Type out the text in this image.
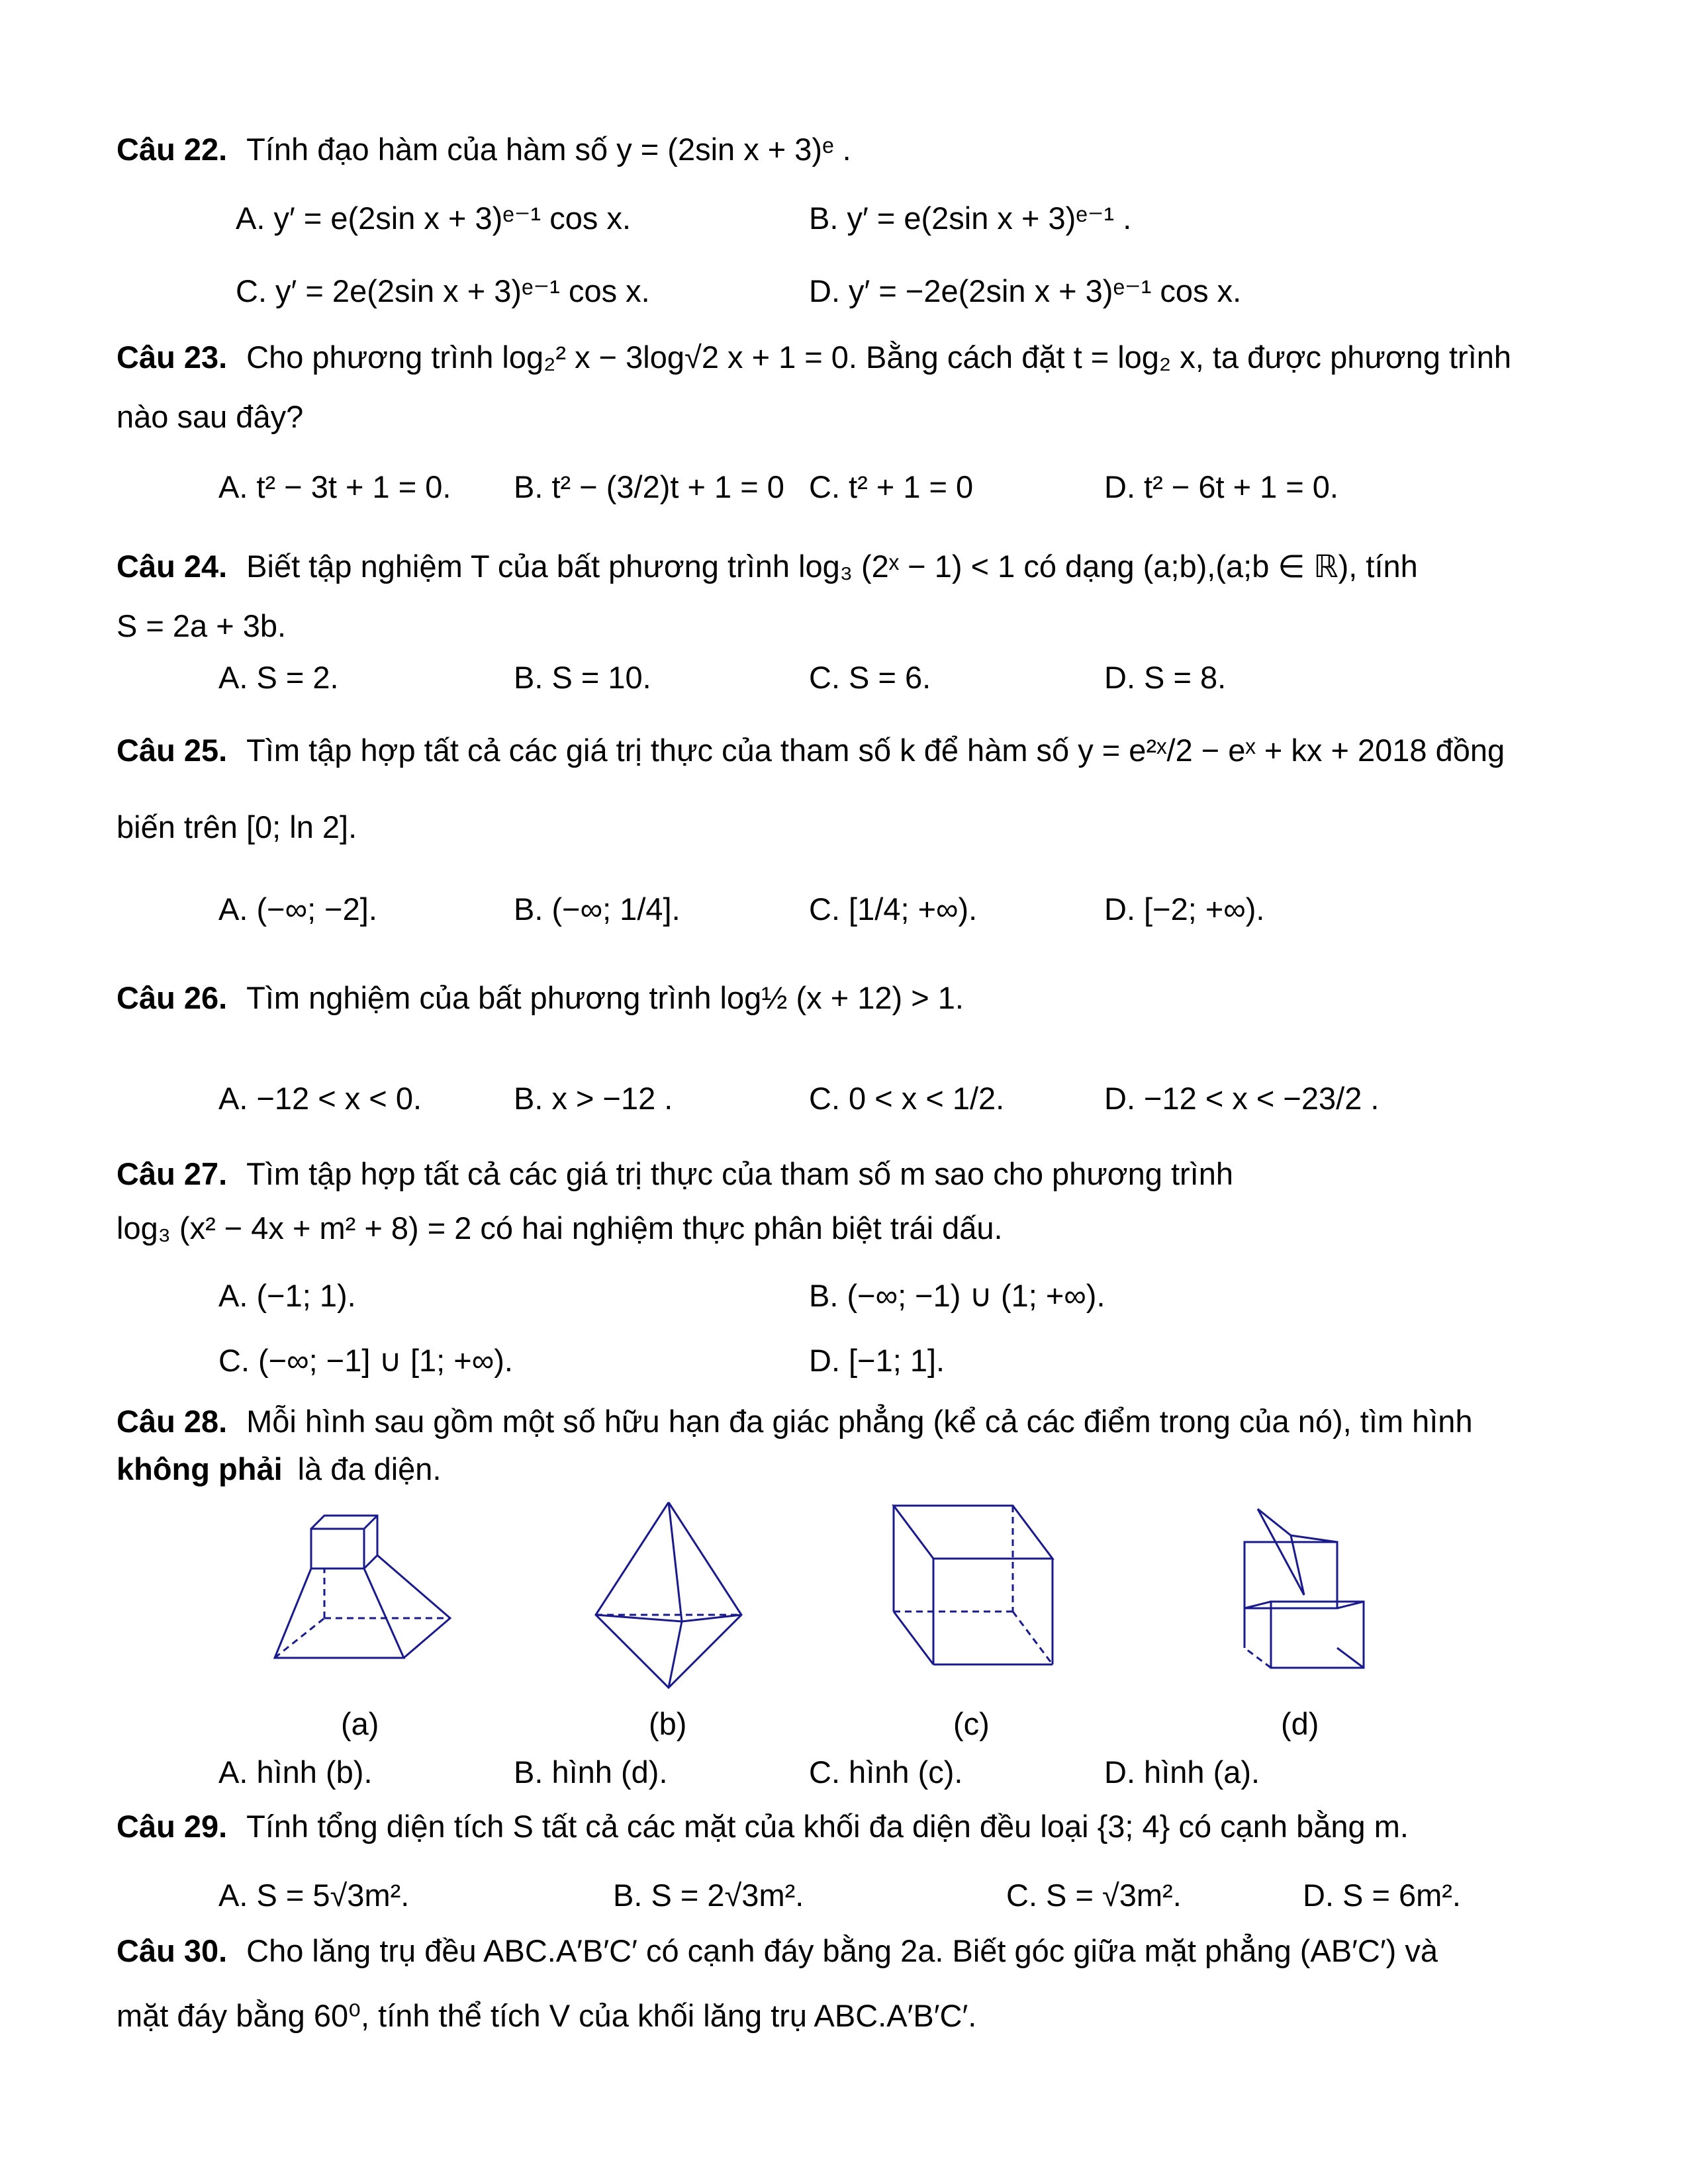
Câu 22. Tính đạo hàm của hàm số y = (2sin x + 3)ᵉ .
A. y′ = e(2sin x + 3)ᵉ⁻¹ cos x.	B. y′ = e(2sin x + 3)ᵉ⁻¹ .
C. y′ = 2e(2sin x + 3)ᵉ⁻¹ cos x.	D. y′ = −2e(2sin x + 3)ᵉ⁻¹ cos x.
Câu 23. Cho phương trình log₂² x − 3log√2 x + 1 = 0. Bằng cách đặt t = log₂ x, ta được phương trình
nào sau đây?
A. t² − 3t + 1 = 0. B. t² − (3/2)t + 1 = 0 C. t² + 1 = 0	D. t² − 6t + 1 = 0.
Câu 24. Biết tập nghiệm T của bất phương trình log₃ (2ˣ − 1) < 1 có dạng (a;b),(a;b ∈ ℝ), tính
S = 2a + 3b.
A. S = 2.	B. S = 10.	C. S = 6.	D. S = 8.
Câu 25. Tìm tập hợp tất cả các giá trị thực của tham số k để hàm số y = e²ˣ/2 − eˣ + kx + 2018 đồng
biến trên [0; ln 2].
A. (−∞; −2].	B. (−∞; 1/4].	C. [1/4; +∞).	D. [−2; +∞).
Câu 26. Tìm nghiệm của bất phương trình log½ (x + 12) > 1.
A. −12 < x < 0.	B. x > −12 .	C. 0 < x < 1/2.	D. −12 < x < −23/2 .
Câu 27. Tìm tập hợp tất cả các giá trị thực của tham số m sao cho phương trình
log₃ (x² − 4x + m² + 8) = 2 có hai nghiệm thực phân biệt trái dấu.
A. (−1; 1).	B. (−∞; −1) ∪ (1; +∞).
C. (−∞; −1] ∪ [1; +∞).	D. [−1; 1].
Câu 28. Mỗi hình sau gồm một số hữu hạn đa giác phẳng (kể cả các điểm trong của nó), tìm hình
không phải là đa diện.
(a)	(b)	(c)	(d)
A. hình (b).	B. hình (d).	C. hình (c).	D. hình (a).
Câu 29. Tính tổng diện tích S tất cả các mặt của khối đa diện đều loại {3; 4} có cạnh bằng m.
A. S = 5√3m².	B. S = 2√3m².	C. S = √3m².	D. S = 6m².
Câu 30. Cho lăng trụ đều ABC.A′B′C′ có cạnh đáy bằng 2a. Biết góc giữa mặt phẳng (AB′C′) và
mặt đáy bằng 60⁰, tính thể tích V của khối lăng trụ ABC.A′B′C′.
